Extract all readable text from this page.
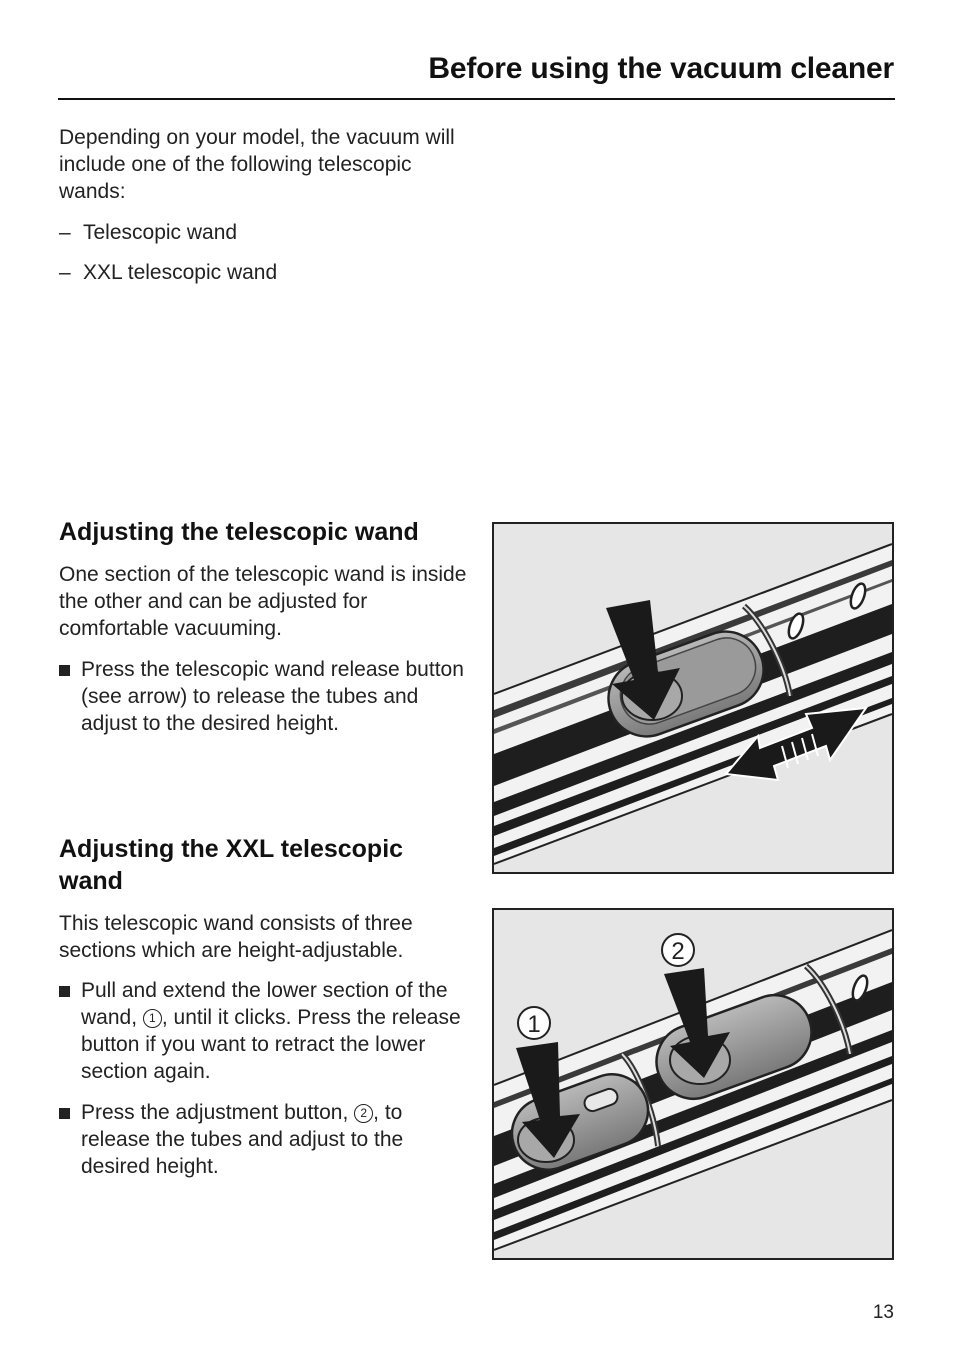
Before using the vacuum cleaner

Depending on your model, the vacuum will include one of the following telescopic wands:

– Telescopic wand
– XXL telescopic wand
Adjusting the telescopic wand

One section of the telescopic wand is inside the other and can be adjusted for comfortable vacuuming.

Press the telescopic wand release button (see arrow) to release the tubes and adjust to the desired height.
Adjusting the XXL telescopic wand

This telescopic wand consists of three sections which are height-adjustable.

Pull and extend the lower section of the wand, 1 , until it clicks. Press the release button if you want to retract the lower section again.
Press the adjustment button, 2 , to release the tubes and adjust to the desired height.
1
2
13
